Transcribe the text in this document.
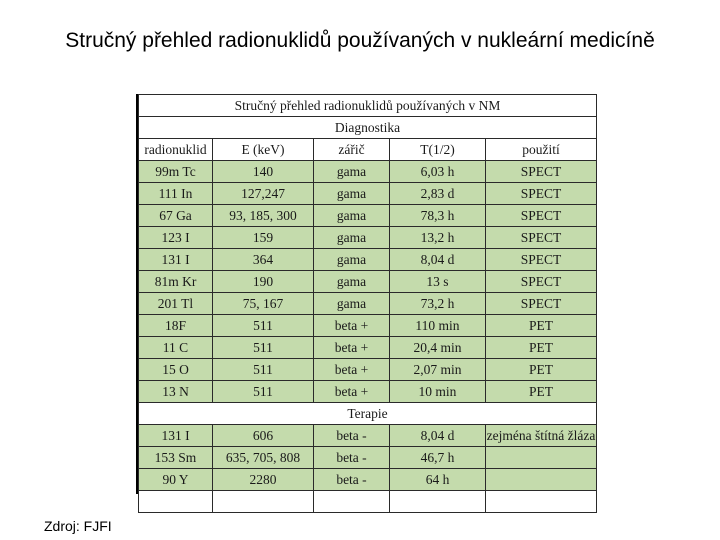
Stručný přehled radionuklidů používaných v nukleární medicíně
Stručný přehled radionuklidů používaných v NM				
Diagnostika				
radionuklid	E (keV)	zářič	T(1/2)	použití
99m Tc	140	gama	6,03 h	SPECT
111 In	127,247	gama	2,83 d	SPECT
67 Ga	93, 185, 300	gama	78,3 h	SPECT
123 I	159	gama	13,2 h	SPECT
131 I	364	gama	8,04 d	SPECT
81m Kr	190	gama	13 s	SPECT
201 Tl	75, 167	gama	73,2 h	SPECT
18F	511	beta +	110 min	PET
11 C	511	beta +	20,4 min	PET
15 O	511	beta +	2,07 min	PET
13 N	511	beta +	10 min	PET
Terapie				
131 I	606	beta -	8,04 d	zejména štítná žláza
153 Sm	635, 705, 808	beta -	46,7 h	
90 Y	2280	beta -	64 h	

Zdroj: FJFI
